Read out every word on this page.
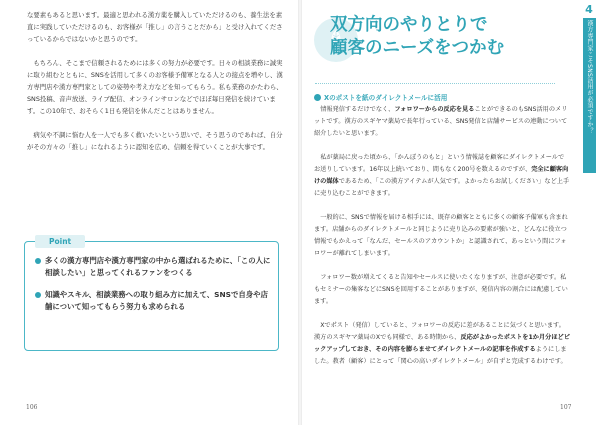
な要素もあると思います。最適と思われる漢方薬を購入していただけるのも、養生法を素直に実践していただけるのも、お客様が「推し」の言うことだから」と受け入れてくださっているからではないかと思うのです。

もちろん、そこまで信頼されるためには多くの努力が必要です。日々の相談業務に誠実に取り組むとともに、SNSを活用して多くのお客様予備軍となる人との接点を増やし、漢方専門店や漢方専門家としての姿勢や考え方などを知ってもらう。私も業務のかたわら、SNS投稿、音声放送、ライブ配信、オンラインサロンなどでほぼ毎日発信を続けています。この10年で、おそらく1日も発信を休んだことはありません。

病気や不調に悩む人を一人でも多く救いたいという思いで、そう思うのであれば、自分がその方々の「推し」になれるように認知を広め、信頼を得ていくことが大事です。

Point
多くの漢方専門店や漢方専門家の中から選ばれるために、「この人に相談したい」と思ってくれるファンをつくる
知識やスキル、相談業務への取り組み方に加えて、SNSで自身や店舗について知ってもらう努力も求められる
106
双方向のやりとりで
顧客のニーズをつかむ
Xのポストを紙のダイレクトメールに活用

情報発信するだけでなく、フォロワーからの反応を見ることができるのもSNS活用のメリットです。漢方のスギヤマ薬局で長年行っている、SNS発信と店舗サービスの連動について紹介したいと思います。

私が薬局に戻った頃から、「かんぽうのもと」という情報誌を顧客にダイレクトメールでお送りしています。16年以上続いており、間もなく200号を数えるのですが、完全に顧客向けの媒体であるため、「この漢方アイテムが人気です。よかったらお試しください」など上手に売り込むことができます。

一般的に、SNSで情報を届ける相手には、既存の顧客とともに多くの顧客予備軍も含まれます。店舗からのダイレクトメールと同じように売り込みの要素が強いと、どんなに役立つ情報でもかえって「なんだ、セールスのアカウントか」と認識されて、あっという間にフォロワーが離れてしまいます。

フォロワー数が増えてくると告知やセールスに使いたくなりますが、注意が必要です。私もセミナーの集客などにSNSを回用することがありますが、発信内容の割合には配慮しています。

Xでポスト（発信）していると、フォロワーの反応に差があることに気づくと思います。漢方のスギヤマ薬局のXでも同様で、ある時期から、反応がよかったポストを1か月分ほどピックアップしておき、その内容を膨らませてダイレクトメールの記事を作成するようにしました。教者（顧客）にとって「関心の高いダイレクトメール」が自ずと完成するわけです。

107
4
漢方専門家こそSNS活用が必須ですか？
